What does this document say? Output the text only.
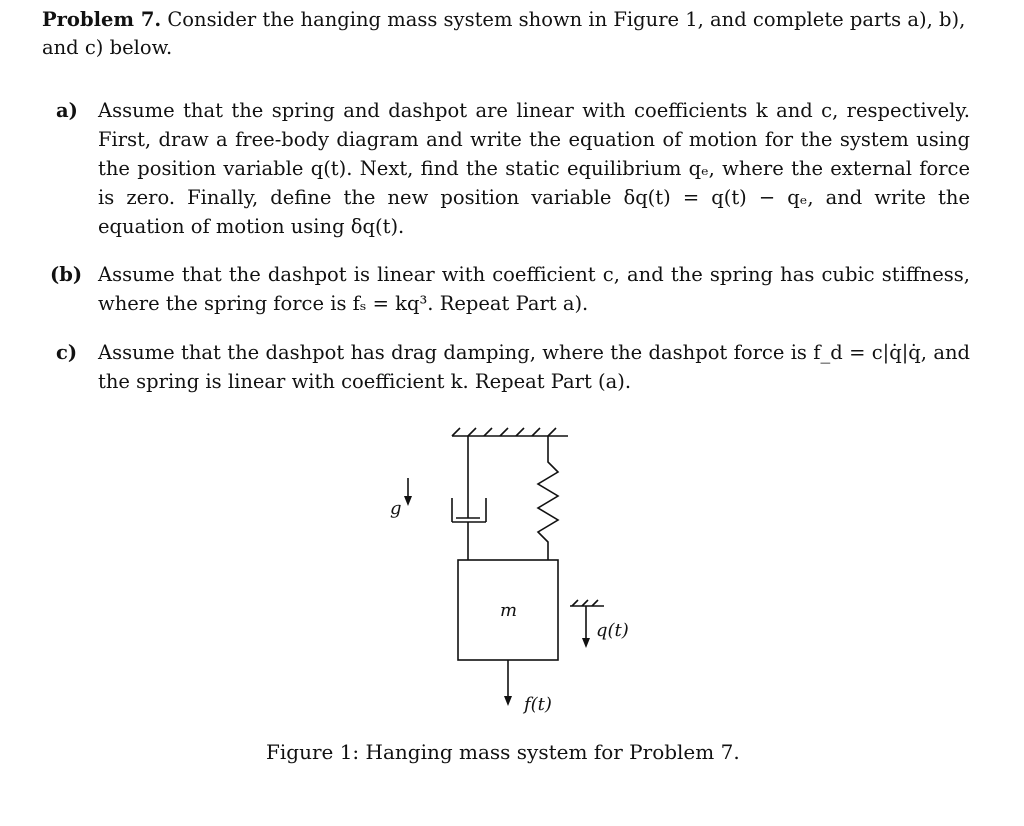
Problem 7. Consider the hanging mass system shown in Figure 1, and complete parts a), b), and c) below.
a) Assume that the spring and dashpot are linear with coefficients k and c, respectively. First, draw a free-body diagram and write the equation of motion for the system using the position variable q(t). Next, find the static equilibrium qₑ, where the external force is zero. Finally, define the new position variable δq(t) = q(t) − qₑ, and write the equation of motion using δq(t).
(b) Assume that the dashpot is linear with coefficient c, and the spring has cubic stiffness, where the spring force is fₛ = kq³. Repeat Part a).
c) Assume that the dashpot has drag damping, where the dashpot force is f_d = c|q̇|q̇, and the spring is linear with coefficient k. Repeat Part (a).
m
g
q(t)
f(t)
Figure 1: Hanging mass system for Problem 7.
